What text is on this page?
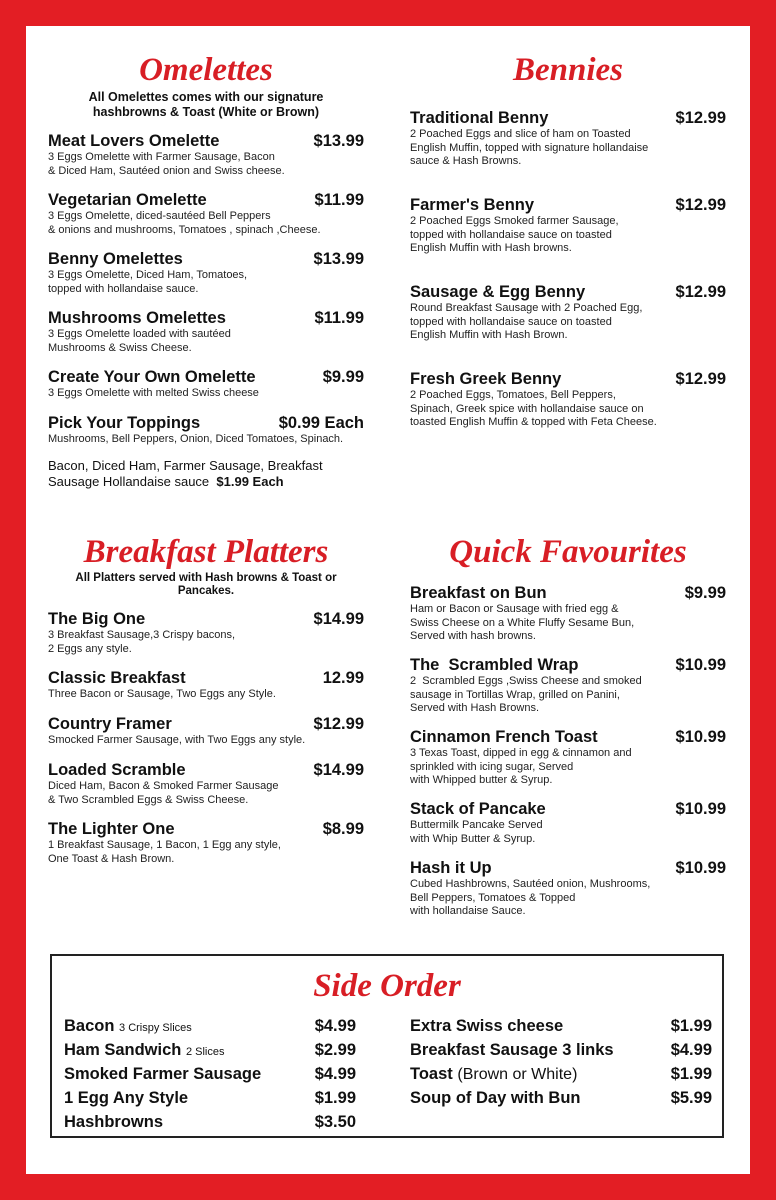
Omelettes
All Omelettes comes with our signature
hashbrowns & Toast (White or Brown)
Meat Lovers Omelette	$13.99
3 Eggs Omelette with Farmer Sausage, Bacon
& Diced Ham, Sautéed onion and Swiss cheese.
Vegetarian Omelette	$11.99
3 Eggs Omelette, diced-sautéed Bell Peppers
& onions and mushrooms, Tomatoes , spinach ,Cheese.
Benny Omelettes	$13.99
3 Eggs Omelette, Diced Ham, Tomatoes,
topped with hollandaise sauce.
Mushrooms Omelettes	$11.99
3 Eggs Omelette loaded with sautéed
Mushrooms & Swiss Cheese.
Create Your Own Omelette	$9.99
3 Eggs Omelette with melted Swiss cheese
Pick Your Toppings	$0.99 Each
Mushrooms, Bell Peppers, Onion, Diced Tomatoes, Spinach.
Bacon, Diced Ham, Farmer Sausage, Breakfast
Sausage Hollandaise sauce $1.99 Each
Bennies
Traditional Benny	$12.99
2 Poached Eggs and slice of ham on Toasted
English Muffin, topped with signature hollandaise
sauce & Hash Browns.
Farmer's Benny	$12.99
2 Poached Eggs Smoked farmer Sausage,
topped with hollandaise sauce on toasted
English Muffin with Hash browns.
Sausage & Egg Benny	$12.99
Round Breakfast Sausage with 2 Poached Egg,
topped with hollandaise sauce on toasted
English Muffin with Hash Brown.
Fresh Greek Benny	$12.99
2 Poached Eggs, Tomatoes, Bell Peppers,
Spinach, Greek spice with hollandaise sauce on
toasted English Muffin & topped with Feta Cheese.
Breakfast Platters
All Platters served with Hash browns & Toast or
Pancakes.
The Big One	$14.99
3 Breakfast Sausage,3 Crispy bacons,
2 Eggs any style.
Classic Breakfast	12.99
Three Bacon or Sausage, Two Eggs any Style.
Country Framer	$12.99
Smocked Farmer Sausage, with Two Eggs any style.
Loaded Scramble	$14.99
Diced Ham, Bacon & Smoked Farmer Sausage
& Two Scrambled Eggs & Swiss Cheese.
The Lighter One	$8.99
1 Breakfast Sausage, 1 Bacon, 1 Egg any style,
One Toast & Hash Brown.
Quick Favourites
Breakfast on Bun	$9.99
Ham or Bacon or Sausage with fried egg &
Swiss Cheese on a White Fluffy Sesame Bun,
Served with hash browns.
The  Scrambled Wrap	$10.99
2  Scrambled Eggs ,Swiss Cheese and smoked
sausage in Tortillas Wrap, grilled on Panini,
Served with Hash Browns.
Cinnamon French Toast	$10.99
3 Texas Toast, dipped in egg & cinnamon and
sprinkled with icing sugar, Served
with Whipped butter & Syrup.
Stack of Pancake	$10.99
Buttermilk Pancake Served
with Whip Butter & Syrup.
Hash it Up	$10.99
Cubed Hashbrowns, Sautéed onion, Mushrooms,
Bell Peppers, Tomatoes & Topped
with hollandaise Sauce.
Side Order
Bacon 3 Crispy Slices	$4.99
Ham Sandwich 2 Slices	$2.99
Smoked Farmer Sausage	$4.99
1 Egg Any Style	$1.99
Hashbrowns	$3.50
Extra Swiss cheese	$1.99
Breakfast Sausage 3 links	$4.99
Toast (Brown or White)	$1.99
Soup of Day with Bun	$5.99
